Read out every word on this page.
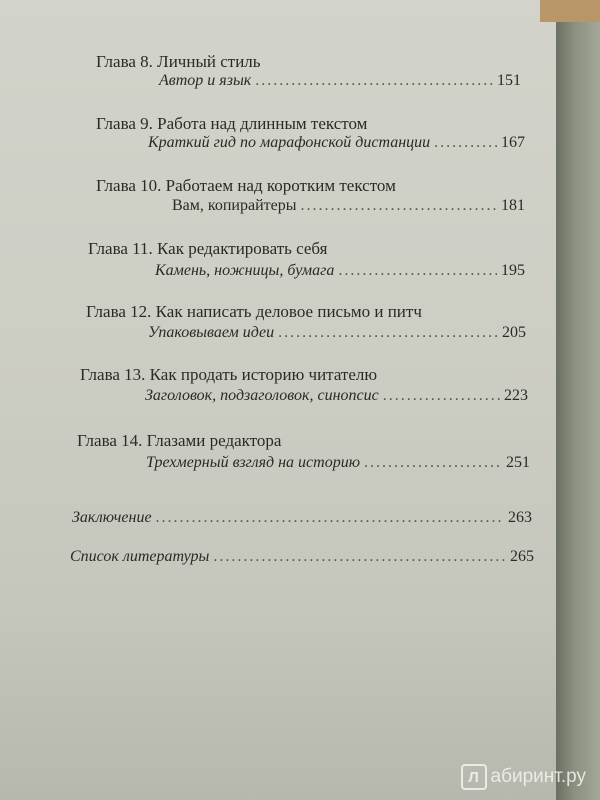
Глава 8. Личный стиль
Автор и язык .....	151
Глава 9. Работа над длинным текстом
Краткий гид по марафонской дистанции .....	167
Глава 10. Работаем над коротким текстом
Вам, копирайтеры .....	181
Глава 11. Как редактировать себя
Камень, ножницы, бумага .....	195
Глава 12. Как написать деловое письмо и питч
Упаковываем идеи .....	205
Глава 13. Как продать историю читателю
Заголовок, подзаголовок, синопсис .....	223
Глава 14. Глазами редактора
Трехмерный взгляд на историю .....	251
Заключение .....	263
Список литературы .....	265
Л абиринт.ру
